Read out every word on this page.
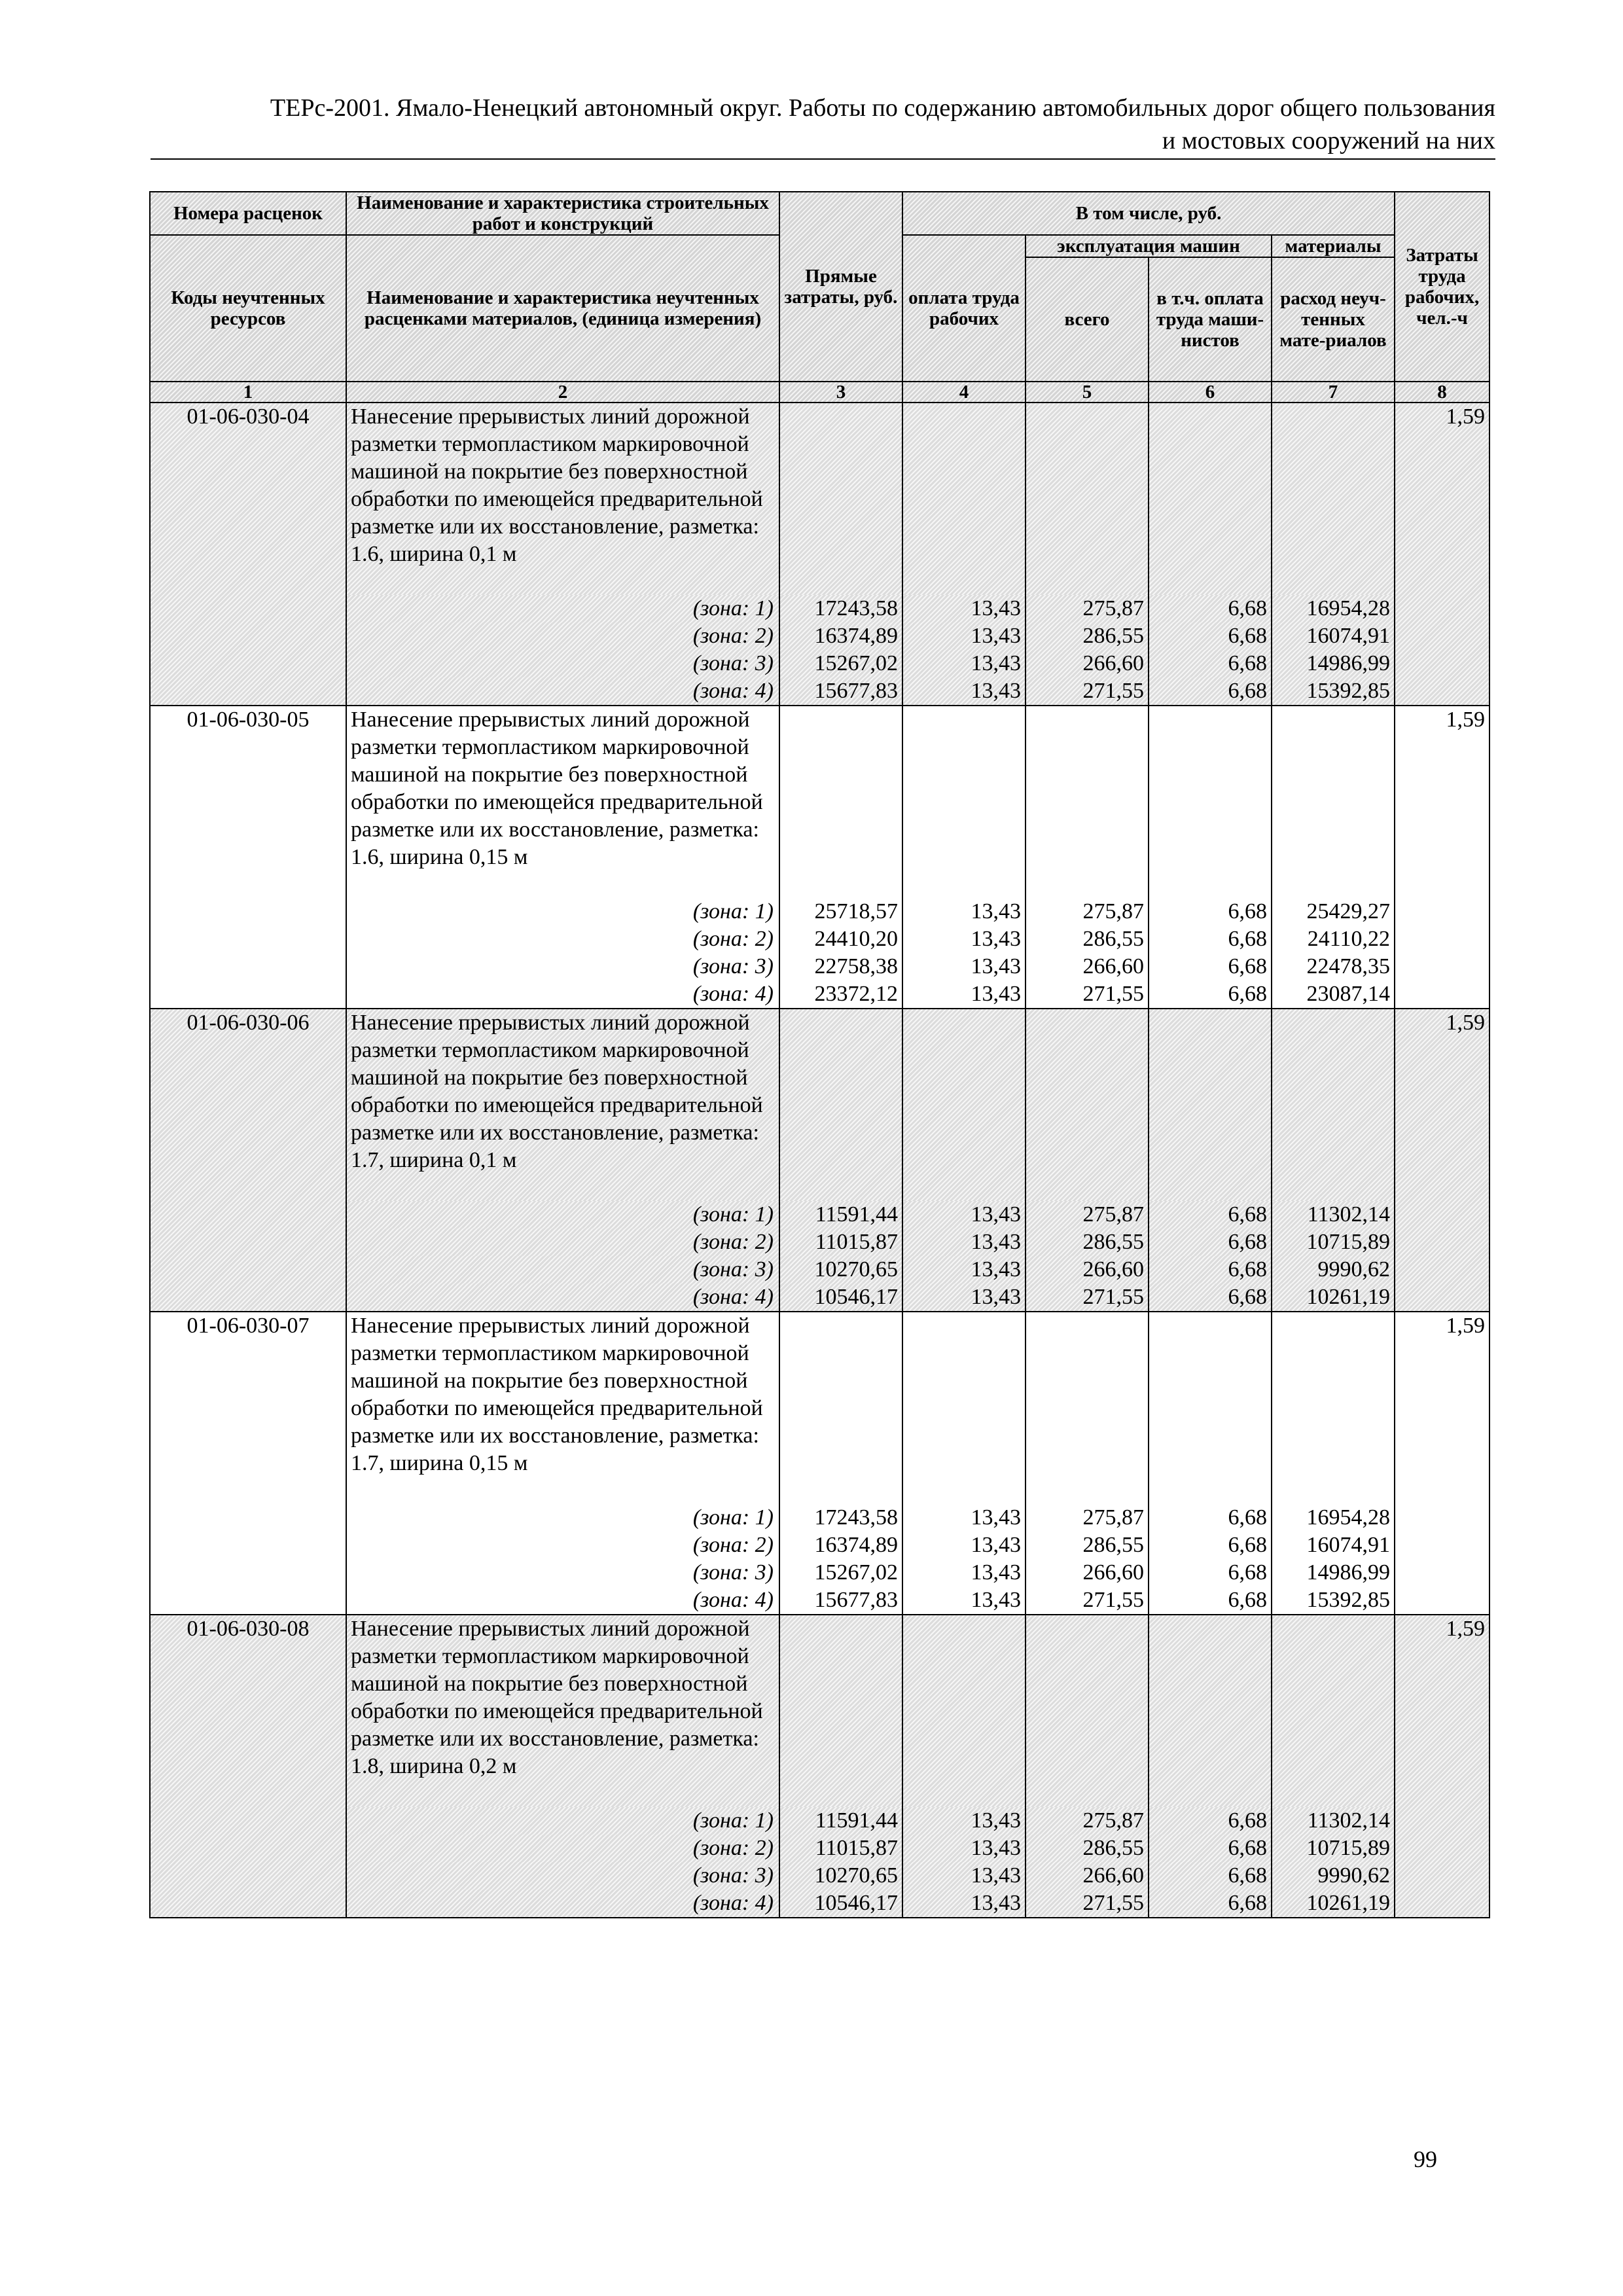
ТЕРс-2001. Ямало-Ненецкий автономный округ. Работы по содержанию автомобильных дорог общего пользования
и мостовых сооружений на них
Номера расценок	Наименование и характеристика строительных работ и конструкций	Прямые затраты, руб.	В том числе, руб.				Затраты труда рабочих, чел.-ч
Коды неучтенных ресурсов	Наименование и характеристика неучтенных расценками материалов, (единица измерения)		оплата труда рабочих	эксплуатация машин		материалы	
				всего	в т.ч. оплата труда маши-нистов	расход неуч-тенных мате-риалов	
1	2	3	4	5	6	7	8
01-06-030-04	Нанесение прерывистых линий дорожной разметки термопластиком маркировочной машиной на покрытие без поверхностной обработки по имеющейся предварительной разметке или их восстановление, разметка: 1.6, ширина 0,1 м						1,59
	(зона: 1)	17243,58	13,43	275,87	6,68	16954,28	
	(зона: 2)	16374,89	13,43	286,55	6,68	16074,91	
	(зона: 3)	15267,02	13,43	266,60	6,68	14986,99	
	(зона: 4)	15677,83	13,43	271,55	6,68	15392,85	
01-06-030-05	Нанесение прерывистых линий дорожной разметки термопластиком маркировочной машиной на покрытие без поверхностной обработки по имеющейся предварительной разметке или их восстановление, разметка: 1.6, ширина 0,15 м						1,59
	(зона: 1)	25718,57	13,43	275,87	6,68	25429,27	
	(зона: 2)	24410,20	13,43	286,55	6,68	24110,22	
	(зона: 3)	22758,38	13,43	266,60	6,68	22478,35	
	(зона: 4)	23372,12	13,43	271,55	6,68	23087,14	
01-06-030-06	Нанесение прерывистых линий дорожной разметки термопластиком маркировочной машиной на покрытие без поверхностной обработки по имеющейся предварительной разметке или их восстановление, разметка: 1.7, ширина 0,1 м						1,59
	(зона: 1)	11591,44	13,43	275,87	6,68	11302,14	
	(зона: 2)	11015,87	13,43	286,55	6,68	10715,89	
	(зона: 3)	10270,65	13,43	266,60	6,68	9990,62	
	(зона: 4)	10546,17	13,43	271,55	6,68	10261,19	
01-06-030-07	Нанесение прерывистых линий дорожной разметки термопластиком маркировочной машиной на покрытие без поверхностной обработки по имеющейся предварительной разметке или их восстановление, разметка: 1.7, ширина 0,15 м						1,59
	(зона: 1)	17243,58	13,43	275,87	6,68	16954,28	
	(зона: 2)	16374,89	13,43	286,55	6,68	16074,91	
	(зона: 3)	15267,02	13,43	266,60	6,68	14986,99	
	(зона: 4)	15677,83	13,43	271,55	6,68	15392,85	
01-06-030-08	Нанесение прерывистых линий дорожной разметки термопластиком маркировочной машиной на покрытие без поверхностной обработки по имеющейся предварительной разметке или их восстановление, разметка: 1.8, ширина 0,2 м						1,59
	(зона: 1)	11591,44	13,43	275,87	6,68	11302,14	
	(зона: 2)	11015,87	13,43	286,55	6,68	10715,89	
	(зона: 3)	10270,65	13,43	266,60	6,68	9990,62	
	(зона: 4)	10546,17	13,43	271,55	6,68	10261,19	
99
